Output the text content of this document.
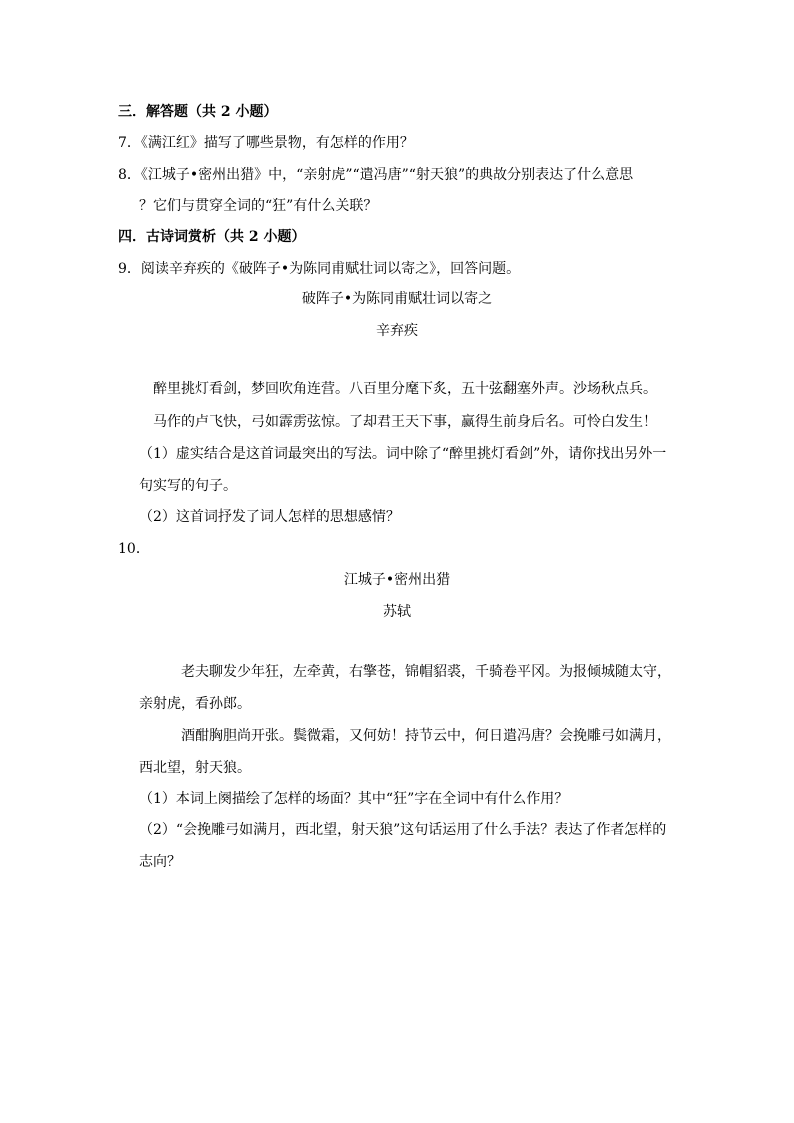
三．解答题（共 2 小题）
7．《满江红》描写了哪些景物，有怎样的作用？
8．《江城子•密州出猎》中，“亲射虎”“遣冯唐”“射天狼”的典故分别表达了什么意思
？它们与贯穿全词的“狂”有什么关联？
四．古诗词赏析（共 2 小题）
9．阅读辛弃疾的《破阵子•为陈同甫赋壮词以寄之》，回答问题。
破阵子•为陈同甫赋壮词以寄之
辛弃疾
醉里挑灯看剑，梦回吹角连营。八百里分麾下炙，五十弦翻塞外声。沙场秋点兵。
马作的卢飞快，弓如霹雳弦惊。了却君王天下事，赢得生前身后名。可怜白发生！
（1）虚实结合是这首词最突出的写法。词中除了“醉里挑灯看剑”外，请你找出另外一
句实写的句子。
（2）这首词抒发了词人怎样的思想感情？
10．
江城子•密州出猎
苏轼
老夫聊发少年狂，左牵黄，右擎苍，锦帽貂裘，千骑卷平冈。为报倾城随太守，
亲射虎，看孙郎。
酒酣胸胆尚开张。鬓微霜，又何妨！持节云中，何日遣冯唐？会挽雕弓如满月，
西北望，射天狼。
（1）本词上阕描绘了怎样的场面？其中“狂”字在全词中有什么作用？
（2）“会挽雕弓如满月，西北望，射天狼”这句话运用了什么手法？表达了作者怎样的
志向？
